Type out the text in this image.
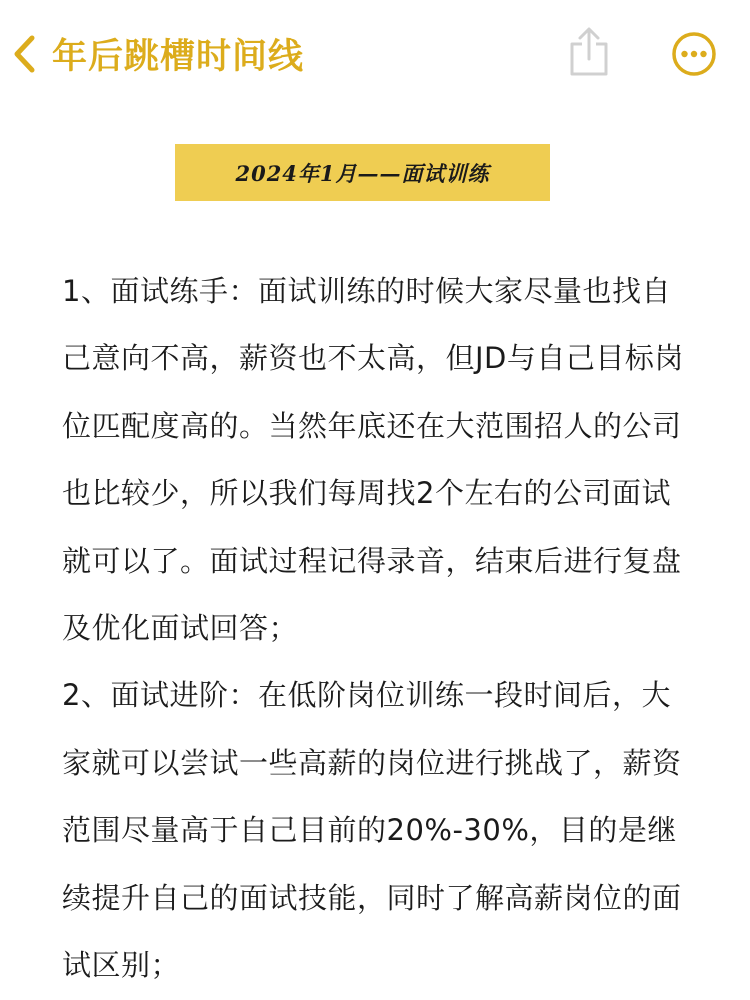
年后跳槽时间线
2024年1月——面试训练

1、面试练手：面试训练的时候大家尽量也找自己意向不高，薪资也不太高，但JD与自己目标岗位匹配度高的。当然年底还在大范围招人的公司也比较少，所以我们每周找2个左右的公司面试就可以了。面试过程记得录音，结束后进行复盘及优化面试回答；

2、面试进阶：在低阶岗位训练一段时间后，大家就可以尝试一些高薪的岗位进行挑战了，薪资范围尽量高于自己目前的20%-30%，目的是继续提升自己的面试技能，同时了解高薪岗位的面试区别；
